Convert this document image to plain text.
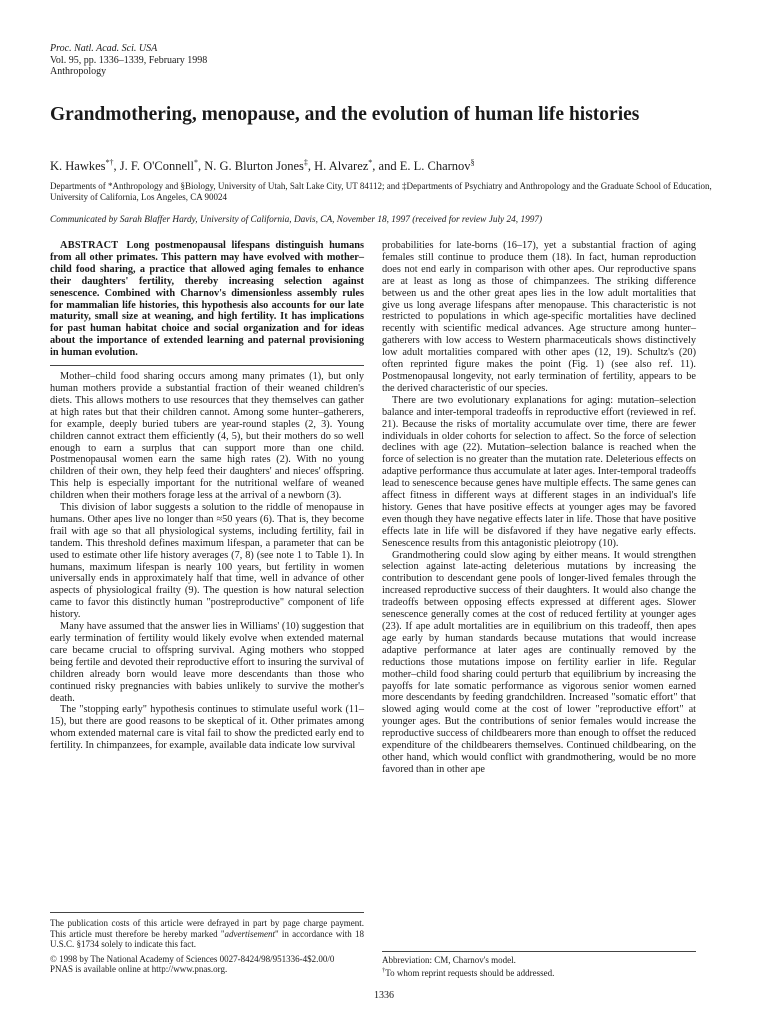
Proc. Natl. Acad. Sci. USA
Vol. 95, pp. 1336–1339, February 1998
Anthropology
Grandmothering, menopause, and the evolution of human life histories
K. Hawkes*†, J. F. O'Connell*, N. G. Blurton Jones‡, H. Alvarez*, and E. L. Charnov§
Departments of *Anthropology and §Biology, University of Utah, Salt Lake City, UT 84112; and ‡Departments of Psychiatry and Anthropology and the Graduate School of Education, University of California, Los Angeles, CA 90024
Communicated by Sarah Blaffer Hardy, University of California, Davis, CA, November 18, 1997 (received for review July 24, 1997)

ABSTRACT Long postmenopausal lifespans distinguish humans from all other primates. This pattern may have evolved with mother–child food sharing, a practice that allowed aging females to enhance their daughters' fertility, thereby increasing selection against senescence. Combined with Charnov's dimensionless assembly rules for mammalian life histories, this hypothesis also accounts for our late maturity, small size at weaning, and high fertility. It has implications for past human habitat choice and social organization and for ideas about the importance of extended learning and paternal provisioning in human evolution.

Mother–child food sharing occurs among many primates (1), but only human mothers provide a substantial fraction of their weaned children's diets. This allows mothers to use resources that they themselves can gather at high rates but that their children cannot. Among some hunter–gatherers, for example, deeply buried tubers are year-round staples (2, 3). Young children cannot extract them efficiently (4, 5), but their mothers do so well enough to earn a surplus that can support more than one child. Postmenopausal women earn the same high rates (2). With no young children of their own, they help feed their daughters' and nieces' offspring. This help is especially important for the nutritional welfare of weaned children when their mothers forage less at the arrival of a newborn (3).

This division of labor suggests a solution to the riddle of menopause in humans. Other apes live no longer than ≈50 years (6). That is, they become frail with age so that all physiological systems, including fertility, fail in tandem. This threshold defines maximum lifespan, a parameter that can be used to estimate other life history averages (7, 8) (see note 1 to Table 1). In humans, maximum lifespan is nearly 100 years, but fertility in women universally ends in approximately half that time, well in advance of other aspects of physiological frailty (9). The question is how natural selection came to favor this distinctly human "postreproductive" component of life history.

Many have assumed that the answer lies in Williams' (10) suggestion that early termination of fertility would likely evolve when extended maternal care became crucial to offspring survival. Aging mothers who stopped being fertile and devoted their reproductive effort to insuring the survival of children already born would leave more descendants than those who continued risky pregnancies with babies unlikely to survive the mother's death.

The "stopping early" hypothesis continues to stimulate useful work (11–15), but there are good reasons to be skeptical of it. Other primates among whom extended maternal care is vital fail to show the predicted early end to fertility. In chimpanzees, for example, available data indicate low survival

probabilities for late-borns (16–17), yet a substantial fraction of aging females still continue to produce them (18). In fact, human reproduction does not end early in comparison with other apes. Our reproductive spans are at least as long as those of chimpanzees. The striking difference between us and the other great apes lies in the low adult mortalities that give us long average lifespans after menopause. This characteristic is not restricted to populations in which age-specific mortalities have declined recently with scientific medical advances. Age structure among hunter–gatherers with low access to Western pharmaceuticals shows distinctively low adult mortalities compared with other apes (12, 19). Schultz's (20) often reprinted figure makes the point (Fig. 1) (see also ref. 11). Postmenopausal longevity, not early termination of fertility, appears to be the derived characteristic of our species.

There are two evolutionary explanations for aging: mutation–selection balance and inter-temporal tradeoffs in reproductive effort (reviewed in ref. 21). Because the risks of mortality accumulate over time, there are fewer individuals in older cohorts for selection to affect. So the force of selection declines with age (22). Mutation–selection balance is reached when the force of selection is no greater than the mutation rate. Deleterious effects on adaptive performance thus accumulate at later ages. Inter-temporal tradeoffs lead to senescence because genes have multiple effects. The same genes can affect fitness in different ways at different stages in an individual's life history. Genes that have positive effects at younger ages may be favored even though they have negative effects later in life. Those that have positive effects late in life will be disfavored if they have negative early effects. Senescence results from this antagonistic pleiotropy (10).

Grandmothering could slow aging by either means. It would strengthen selection against late-acting deleterious mutations by increasing the contribution to descendant gene pools of longer-lived females through the increased reproductive success of their daughters. It would also change the tradeoffs between opposing effects expressed at different ages. Slower senescence generally comes at the cost of reduced fertility at younger ages (23). If ape adult mortalities are in equilibrium on this tradeoff, then apes age early by human standards because mutations that would increase adaptive performance at later ages are continually removed by the reductions those mutations impose on fertility earlier in life. Regular mother–child food sharing could perturb that equilibrium by increasing the payoffs for late somatic performance as vigorous senior women earned more descendants by feeding grandchildren. Increased "somatic effort" that slowed aging would come at the cost of lower "reproductive effort" at younger ages. But the contributions of senior females would increase the reproductive success of childbearers more than enough to offset the reduced expenditure of the childbearers themselves. Continued childbearing, on the other hand, which would conflict with grandmothering, would be no more favored than in other ape

The publication costs of this article were defrayed in part by page charge payment. This article must therefore be hereby marked "advertisement" in accordance with 18 U.S.C. §1734 solely to indicate this fact.

© 1998 by The National Academy of Sciences 0027-8424/98/951336-4$2.00/0
PNAS is available online at http://www.pnas.org.

Abbreviation: CM, Charnov's model.

†To whom reprint requests should be addressed.

1336
